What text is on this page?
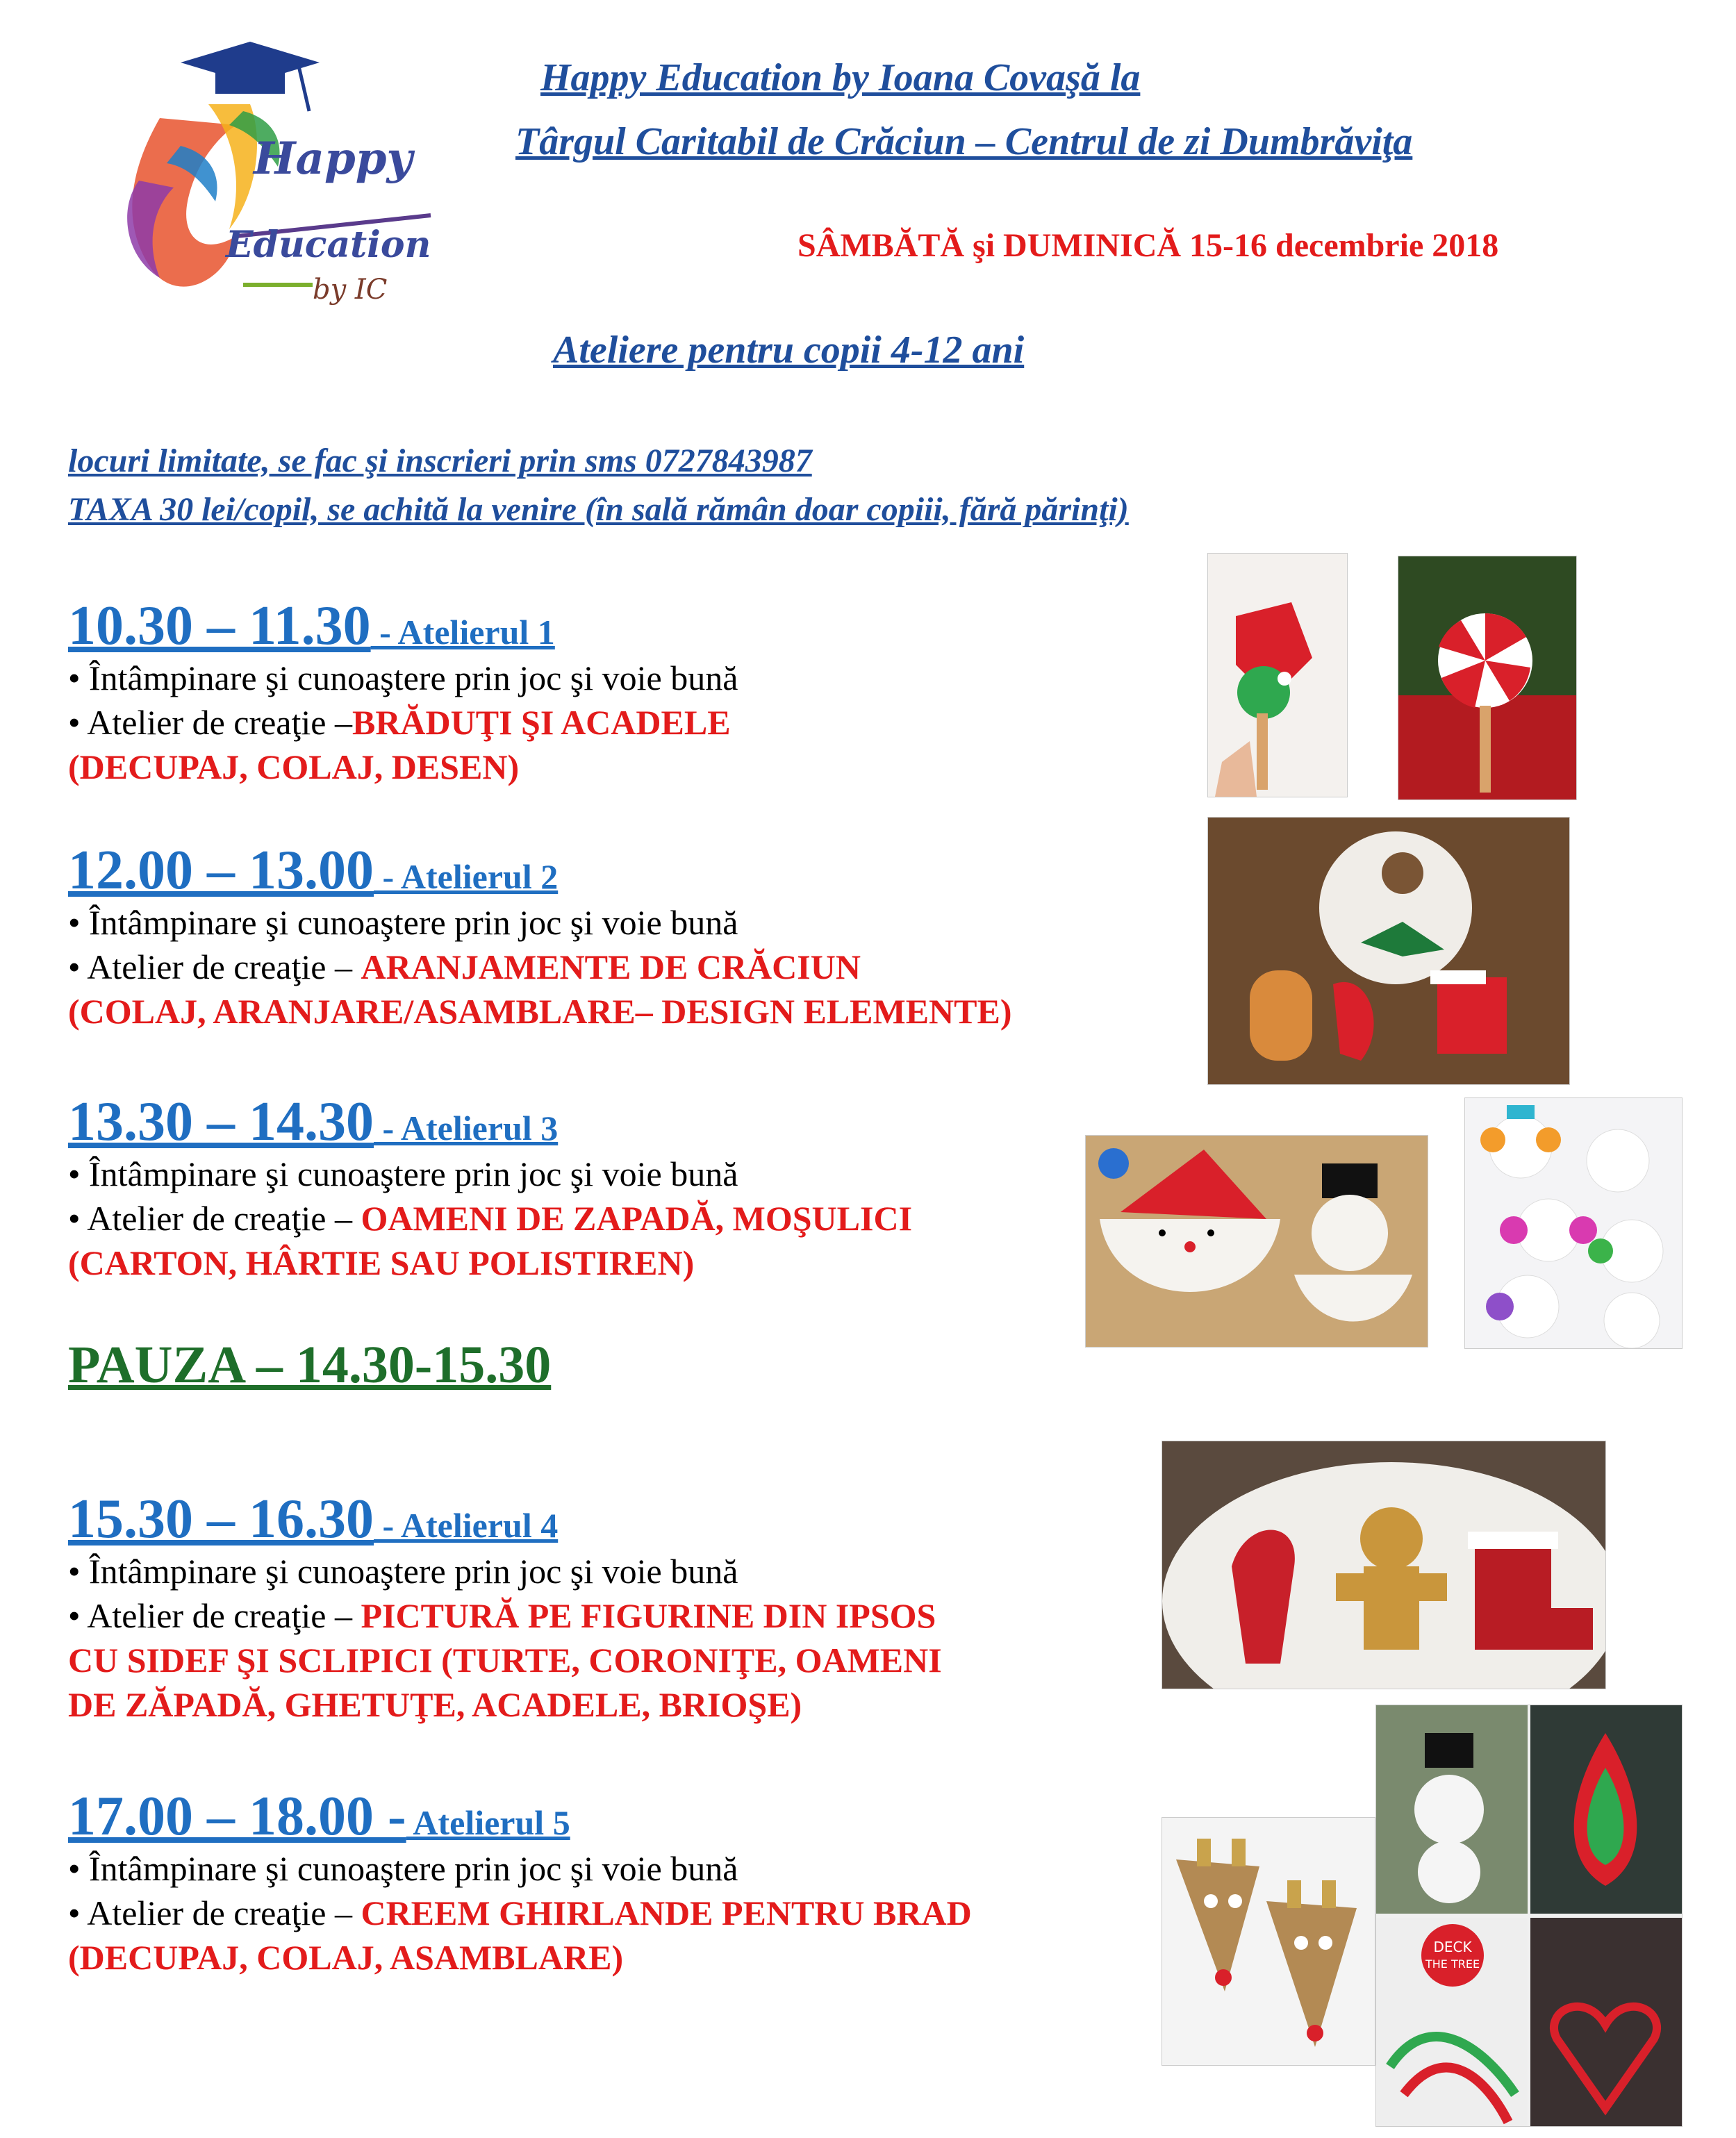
Happy
Education
by IC
Happy Education by Ioana Covaşă la
Târgul Caritabil de Crăciun – Centrul de zi Dumbrăviţa
SÂMBĂTĂ şi DUMINICĂ 15-16 decembrie 2018
Ateliere pentru copii 4-12 ani
locuri limitate, se fac şi inscrieri prin sms 0727843987
TAXA 30 lei/copil, se achită la venire (în sală rămân doar copiii, fără părinţi)
10.30 – 11.30 - Atelierul 1
• Întâmpinare şi cunoaştere prin joc şi voie bună
• Atelier de creaţie –BRĂDUŢI ŞI ACADELE
(DECUPAJ, COLAJ, DESEN)
12.00 – 13.00 - Atelierul 2
• Întâmpinare şi cunoaştere prin joc şi voie bună
• Atelier de creaţie – ARANJAMENTE DE CRĂCIUN
(COLAJ, ARANJARE/ASAMBLARE– DESIGN ELEMENTE)
13.30 – 14.30 - Atelierul 3
• Întâmpinare şi cunoaştere prin joc şi voie bună
• Atelier de creaţie – OAMENI DE ZAPADĂ, MOŞULICI
(CARTON, HÂRTIE SAU POLISTIREN)
PAUZA – 14.30-15.30
15.30 – 16.30 - Atelierul 4
• Întâmpinare şi cunoaştere prin joc şi voie bună
• Atelier de creaţie – PICTURĂ PE FIGURINE DIN IPSOS
CU SIDEF ŞI SCLIPICI (TURTE, CORONIŢE, OAMENI
DE ZĂPADĂ, GHETUŢE, ACADELE, BRIOŞE)
17.00 – 18.00 - Atelierul 5
• Întâmpinare şi cunoaştere prin joc şi voie bună
• Atelier de creaţie – CREEM GHIRLANDE PENTRU BRAD
(DECUPAJ, COLAJ, ASAMBLARE)	DECK
THE TREE
